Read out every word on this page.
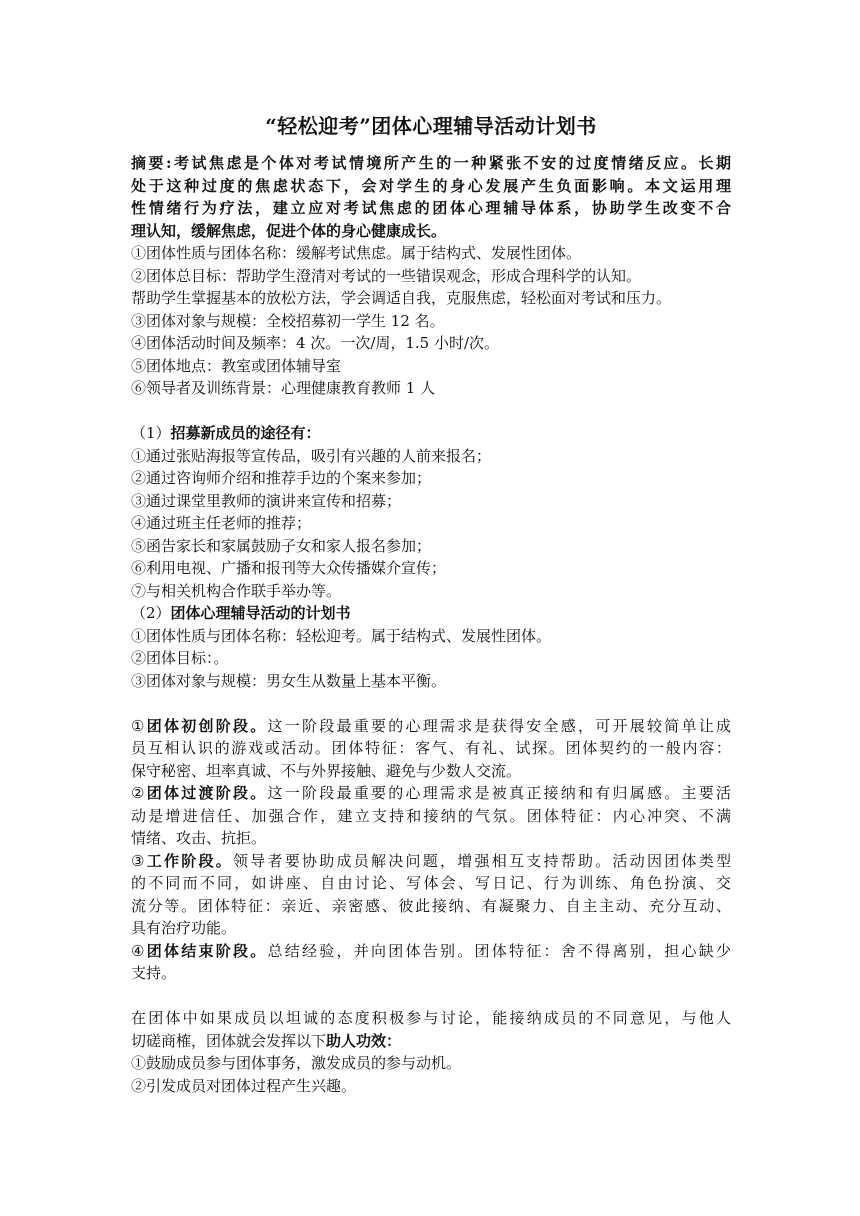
“轻松迎考”团体心理辅导活动计划书
摘要:考试焦虑是个体对考试情境所产生的一种紧张不安的过度情绪反应。长期
处于这种过度的焦虑状态下，会对学生的身心发展产生负面影响。本文运用理
性情绪行为疗法，建立应对考试焦虑的团体心理辅导体系，协助学生改变不合
理认知，缓解焦虑，促进个体的身心健康成长。
①团体性质与团体名称：缓解考试焦虑。属于结构式、发展性团体。
②团体总目标：帮助学生澄清对考试的一些错误观念，形成合理科学的认知。
帮助学生掌握基本的放松方法，学会调适自我，克服焦虑，轻松面对考试和压力。
③团体对象与规模：全校招募初一学生 12 名。
④团体活动时间及频率：4 次。一次/周，1.5 小时/次。
⑤团体地点：教室或团体辅导室
⑥领导者及训练背景：心理健康教育教师 1 人
（1）招募新成员的途径有：
①通过张贴海报等宣传品，吸引有兴趣的人前来报名；
②通过咨询师介绍和推荐手边的个案来参加；
③通过课堂里教师的演讲来宣传和招募；
④通过班主任老师的推荐；
⑤函告家长和家属鼓励子女和家人报名参加；
⑥利用电视、广播和报刊等大众传播媒介宣传；
⑦与相关机构合作联手举办等。
（2）团体心理辅导活动的计划书
①团体性质与团体名称：轻松迎考。属于结构式、发展性团体。
②团体目标：。
③团体对象与规模：男女生从数量上基本平衡。
①团体初创阶段。这一阶段最重要的心理需求是获得安全感，可开展较简单让成
员互相认识的游戏或活动。团体特征：客气、有礼、试探。团体契约的一般内容：
保守秘密、坦率真诚、不与外界接触、避免与少数人交流。
②团体过渡阶段。这一阶段最重要的心理需求是被真正接纳和有归属感。主要活
动是增进信任、加强合作，建立支持和接纳的气氛。团体特征：内心冲突、不满
情绪、攻击、抗拒。
③工作阶段。领导者要协助成员解决问题，增强相互支持帮助。活动因团体类型
的不同而不同，如讲座、自由讨论、写体会、写日记、行为训练、角色扮演、交
流分等。团体特征：亲近、亲密感、彼此接纳、有凝聚力、自主主动、充分互动、
具有治疗功能。
④团体结束阶段。总结经验，并向团体告别。团体特征：舍不得离别，担心缺少
支持。
在团体中如果成员以坦诚的态度积极参与讨论，能接纳成员的不同意见，与他人
切磋商榷，团体就会发挥以下助人功效：
①鼓励成员参与团体事务，激发成员的参与动机。
②引发成员对团体过程产生兴趣。
